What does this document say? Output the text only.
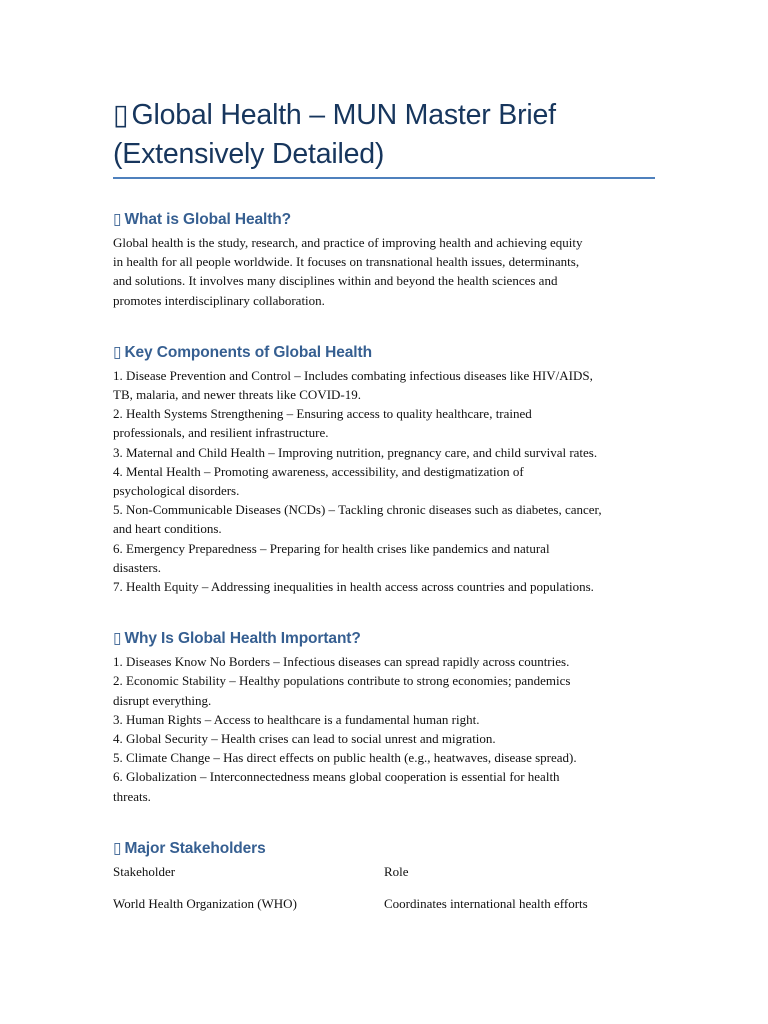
▯ Global Health – MUN Master Brief
(Extensively Detailed)
▯ What is Global Health?

Global health is the study, research, and practice of improving health and achieving equity

in health for all people worldwide. It focuses on transnational health issues, determinants,

and solutions. It involves many disciplines within and beyond the health sciences and

promotes interdisciplinary collaboration.

▯ Key Components of Global Health

1. Disease Prevention and Control – Includes combating infectious diseases like HIV/AIDS,

TB, malaria, and newer threats like COVID-19.

2. Health Systems Strengthening – Ensuring access to quality healthcare, trained

professionals, and resilient infrastructure.

3. Maternal and Child Health – Improving nutrition, pregnancy care, and child survival rates.

4. Mental Health – Promoting awareness, accessibility, and destigmatization of

psychological disorders.

5. Non-Communicable Diseases (NCDs) – Tackling chronic diseases such as diabetes, cancer,

and heart conditions.

6. Emergency Preparedness – Preparing for health crises like pandemics and natural

disasters.

7. Health Equity – Addressing inequalities in health access across countries and populations.

▯ Why Is Global Health Important?

1. Diseases Know No Borders – Infectious diseases can spread rapidly across countries.

2. Economic Stability – Healthy populations contribute to strong economies; pandemics

disrupt everything.

3. Human Rights – Access to healthcare is a fundamental human right.

4. Global Security – Health crises can lead to social unrest and migration.

5. Climate Change – Has direct effects on public health (e.g., heatwaves, disease spread).

6. Globalization – Interconnectedness means global cooperation is essential for health

threats.

▯ Major Stakeholders
Stakeholder	Role
World Health Organization (WHO)	Coordinates international health efforts
